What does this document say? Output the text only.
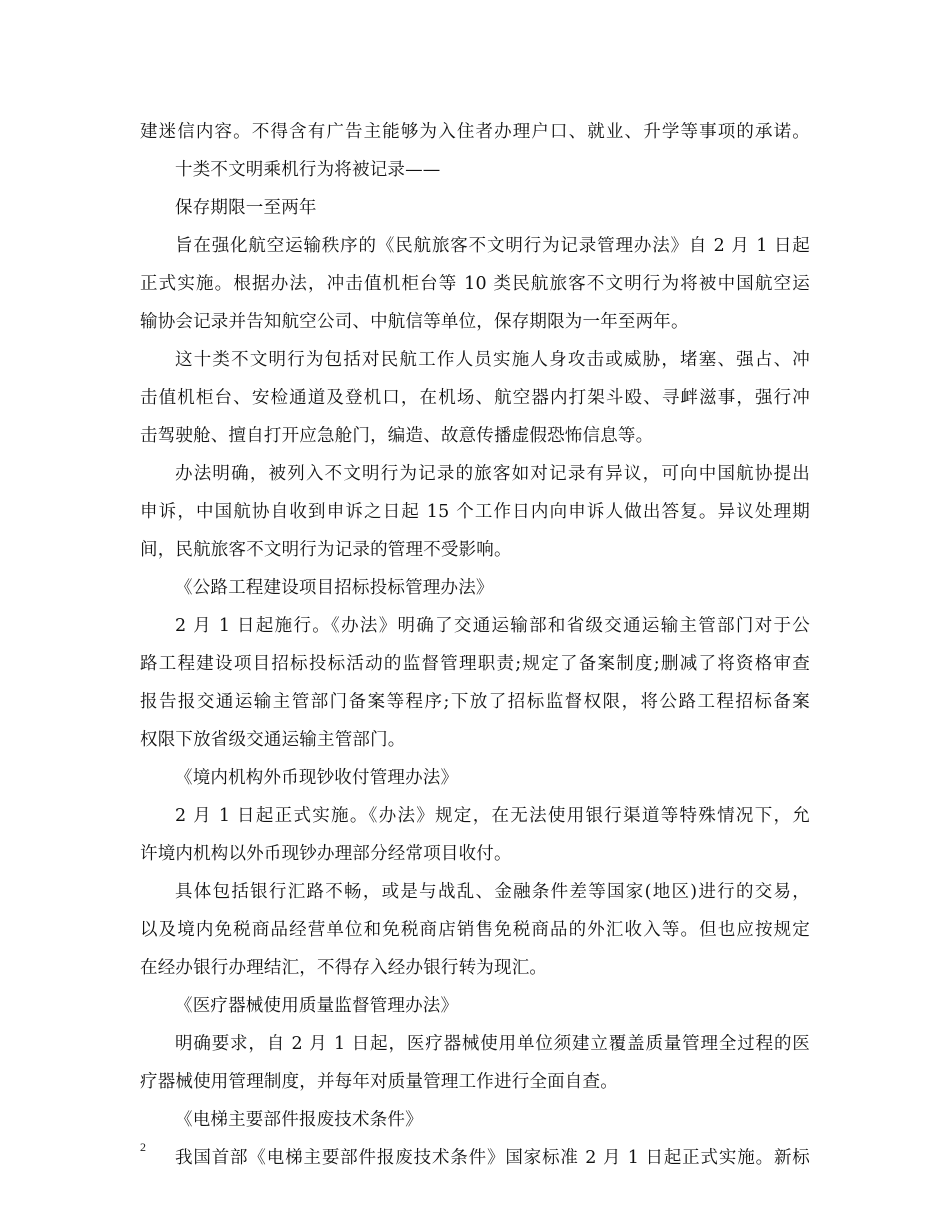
建迷信内容。不得含有广告主能够为入住者办理户口、就业、升学等事项的承诺。
十类不文明乘机行为将被记录——
保存期限一至两年
旨在强化航空运输秩序的《民航旅客不文明行为记录管理办法》自 2 月 1 日起
正式实施。根据办法，冲击值机柜台等 10 类民航旅客不文明行为将被中国航空运
输协会记录并告知航空公司、中航信等单位，保存期限为一年至两年。
这十类不文明行为包括对民航工作人员实施人身攻击或威胁，堵塞、强占、冲
击值机柜台、安检通道及登机口，在机场、航空器内打架斗殴、寻衅滋事，强行冲
击驾驶舱、擅自打开应急舱门，编造、故意传播虚假恐怖信息等。
办法明确，被列入不文明行为记录的旅客如对记录有异议，可向中国航协提出
申诉，中国航协自收到申诉之日起 15 个工作日内向申诉人做出答复。异议处理期
间，民航旅客不文明行为记录的管理不受影响。
《公路工程建设项目招标投标管理办法》
2 月 1 日起施行。《办法》明确了交通运输部和省级交通运输主管部门对于公
路工程建设项目招标投标活动的监督管理职责;规定了备案制度;删减了将资格审查
报告报交通运输主管部门备案等程序;下放了招标监督权限，将公路工程招标备案
权限下放省级交通运输主管部门。
《境内机构外币现钞收付管理办法》
2 月 1 日起正式实施。《办法》规定，在无法使用银行渠道等特殊情况下，允
许境内机构以外币现钞办理部分经常项目收付。
具体包括银行汇路不畅，或是与战乱、金融条件差等国家(地区)进行的交易，
以及境内免税商品经营单位和免税商店销售免税商品的外汇收入等。但也应按规定
在经办银行办理结汇，不得存入经办银行转为现汇。
《医疗器械使用质量监督管理办法》
明确要求，自 2 月 1 日起，医疗器械使用单位须建立覆盖质量管理全过程的医
疗器械使用管理制度，并每年对质量管理工作进行全面自查。
《电梯主要部件报废技术条件》
我国首部《电梯主要部件报废技术条件》国家标准 2 月 1 日起正式实施。新标
2
